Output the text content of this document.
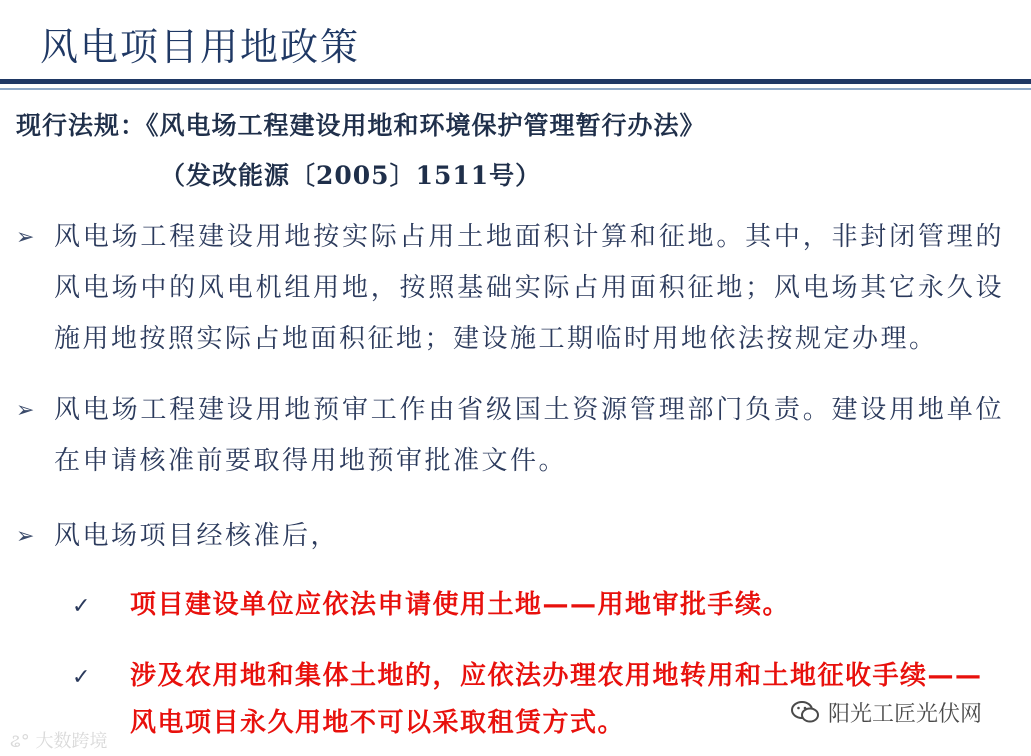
风电项目用地政策
现行法规：《风电场工程建设用地和环境保护管理暂行办法》
（发改能源〔2005〕1511号）
➢ 风电场工程建设用地按实际占用土地面积计算和征地。其中，非封闭管理的风电场中的风电机组用地，按照基础实际占用面积征地；风电场其它永久设施用地按照实际占地面积征地；建设施工期临时用地依法按规定办理。
➢ 风电场工程建设用地预审工作由省级国土资源管理部门负责。建设用地单位在申请核准前要取得用地预审批准文件。
➢ 风电场项目经核准后，
✓ 项目建设单位应依法申请使用土地——用地审批手续。
✓ 涉及农用地和集体土地的，应依法办理农用地转用和土地征收手续——
风电项目永久用地不可以采取租赁方式。
ଌ° 大数跨境
阳光工匠光伏网
